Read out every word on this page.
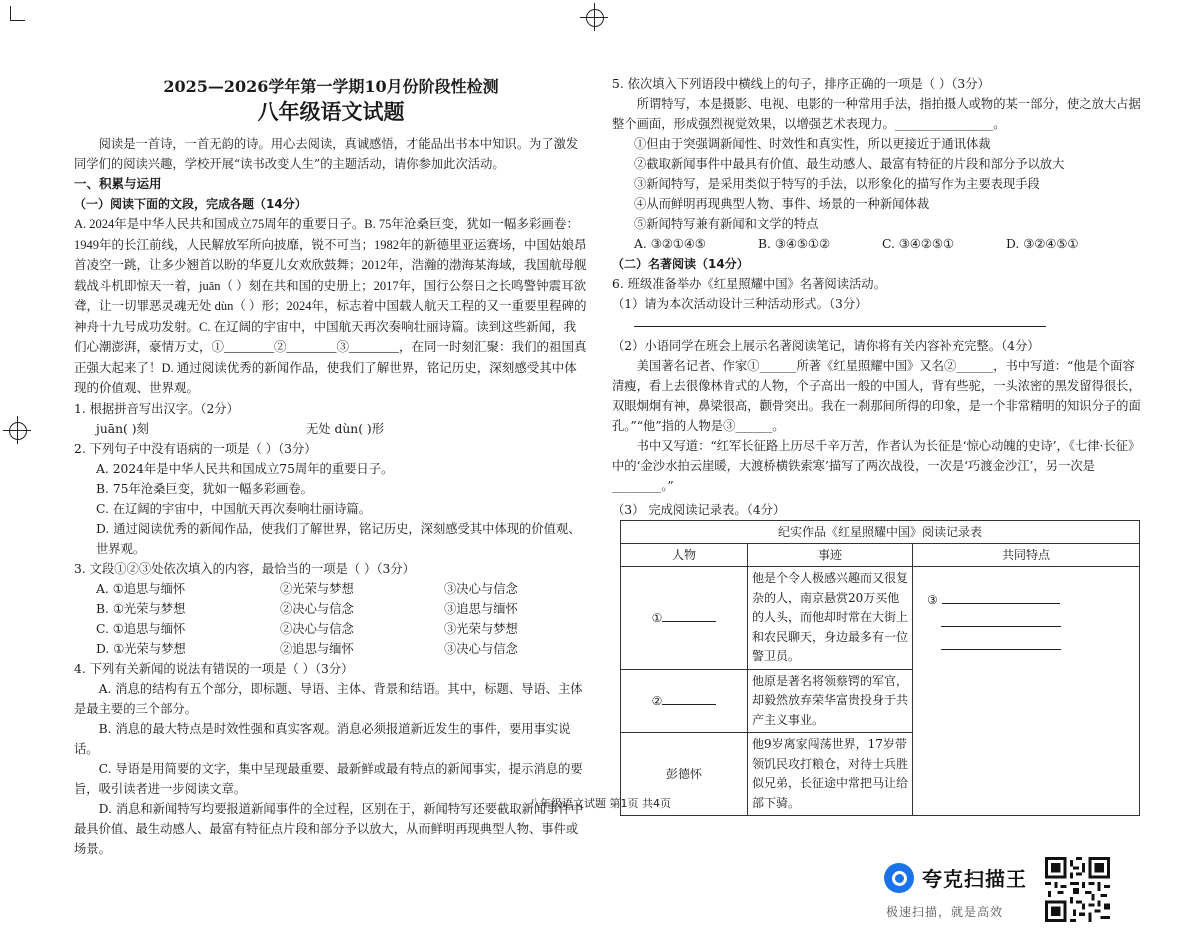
2025—2026学年第一学期10月份阶段性检测
八年级语文试题

阅读是一首诗，一首无韵的诗。用心去阅读，真诚感悟，才能品出书本中知识。为了激发同学们的阅读兴趣，学校开展“读书改变人生”的主题活动，请你参加此次活动。

一、积累与运用

（一）阅读下面的文段，完成各题（14分）

A. 2024年是中华人民共和国成立75周年的重要日子。B. 75年沧桑巨变，犹如一幅多彩画卷：1949年的长江前线，人民解放军所向披靡，锐不可当；1982年的新德里亚运赛场，中国姑娘昂首凌空一跳，让多少翘首以盼的华夏儿女欢欣鼓舞；2012年，浩瀚的渤海某海域，我国航母舰载战斗机即惊天一着，juān（ ）刻在共和国的史册上；2017年，国行公祭日之长鸣警钟震耳欲聋，让一切罪恶灵魂无处 dùn（ ）形；2024年，标志着中国载人航天工程的又一重要里程碑的神舟十九号成功发射。C. 在辽阔的宇宙中，中国航天再次奏响壮丽诗篇。读到这些新闻，我们心潮澎湃，豪情万丈，①________②________③________，在同一时刻汇聚：我们的祖国真正强大起来了！D. 通过阅读优秀的新闻作品，使我们了解世界，铭记历史，深刻感受其中体现的价值观、世界观。

1. 根据拼音写出汉字。（2分）

juān( )刻	无处 dùn( )形

2. 下列句子中没有语病的一项是（ ）（3分）

A. 2024年是中华人民共和国成立75周年的重要日子。

B. 75年沧桑巨变，犹如一幅多彩画卷。

C. 在辽阔的宇宙中，中国航天再次奏响壮丽诗篇。

D. 通过阅读优秀的新闻作品，使我们了解世界，铭记历史，深刻感受其中体现的价值观、世界观。

3. 文段①②③处依次填入的内容，最恰当的一项是（ ）（3分）

A. ①追思与缅怀	②光荣与梦想	③决心与信念
B. ①光荣与梦想	②决心与信念	③追思与缅怀
C. ①追思与缅怀	②决心与信念	③光荣与梦想
D. ①光荣与梦想	②追思与缅怀	③决心与信念

4. 下列有关新闻的说法有错误的一项是（ ）（3分）

A. 消息的结构有五个部分，即标题、导语、主体、背景和结语。其中，标题、导语、主体是最主要的三个部分。

B. 消息的最大特点是时效性强和真实客观。消息必须报道新近发生的事件，要用事实说话。

C. 导语是用简要的文字，集中呈现最重要、最新鲜或最有特点的新闻事实，提示消息的要旨，吸引读者进一步阅读文章。

D. 消息和新闻特写均要报道新闻事件的全过程，区别在于，新闻特写还要截取新闻事件中最具价值、最生动感人、最富有特征点片段和部分予以放大，从而鲜明再现典型人物、事件或场景。

5. 依次填入下列语段中横线上的句子，排序正确的一项是（ ）（3分）

所谓特写，本是摄影、电视、电影的一种常用手法，指拍摄人或物的某一部分，使之放大占据整个画面，形成强烈视觉效果，以增强艺术表现力。________________。

①但由于突强调新闻性、时效性和真实性，所以更接近于通讯体裁

②截取新闻事件中最具有价值、最生动感人、最富有特征的片段和部分予以放大

③新闻特写，是采用类似于特写的手法，以形象化的描写作为主要表现手段

④从而鲜明再现典型人物、事件、场景的一种新闻体裁

⑤新闻特写兼有新闻和文学的特点

A. ③②①④⑤	B. ③④⑤①②	C. ③④②⑤①	D. ③②④⑤①

（二）名著阅读（14分）

6. 班级准备举办《红星照耀中国》名著阅读活动。

（1）请为本次活动设计三种活动形式。（3分）

（2）小语同学在班会上展示名著阅读笔记，请你将有关内容补充完整。（4分）

美国著名记者、作家①______所著《红星照耀中国》又名②______，书中写道：“他是个面容清瘦，看上去很像林肯式的人物，个子高出一般的中国人，背有些驼，一头浓密的黑发留得很长，双眼炯炯有神，鼻梁很高，颧骨突出。我在一刹那间所得的印象，是一个非常精明的知识分子的面孔。”“他”指的人物是③______。

书中又写道：“红军长征路上历尽千辛万苦，作者认为长征是‘惊心动魄的史诗’，《七律·长征》中的‘金沙水拍云崖暖，大渡桥横铁索寒’描写了两次战役，一次是‘巧渡金沙江’，另一次是________。”

（3） 完成阅读记录表。（4分）

纪实作品《红星照耀中国》阅读记录表		
人物	事迹	共同特点
①	他是个令人极感兴趣而又很复杂的人，南京悬赏20万买他的人头，而他却时常在大街上和农民聊天，身边最多有一位警卫员。	③

②	他原是著名将领蔡锷的军官，却毅然放弃荣华富贵投身于共产主义事业。	
彭德怀	他9岁离家闯荡世界，17岁带领饥民攻打粮仓，对待士兵胜似兄弟，长征途中常把马让给部下骑。	
八年级语文试题 第1页 共4页
夸克扫描王
极速扫描，就是高效
